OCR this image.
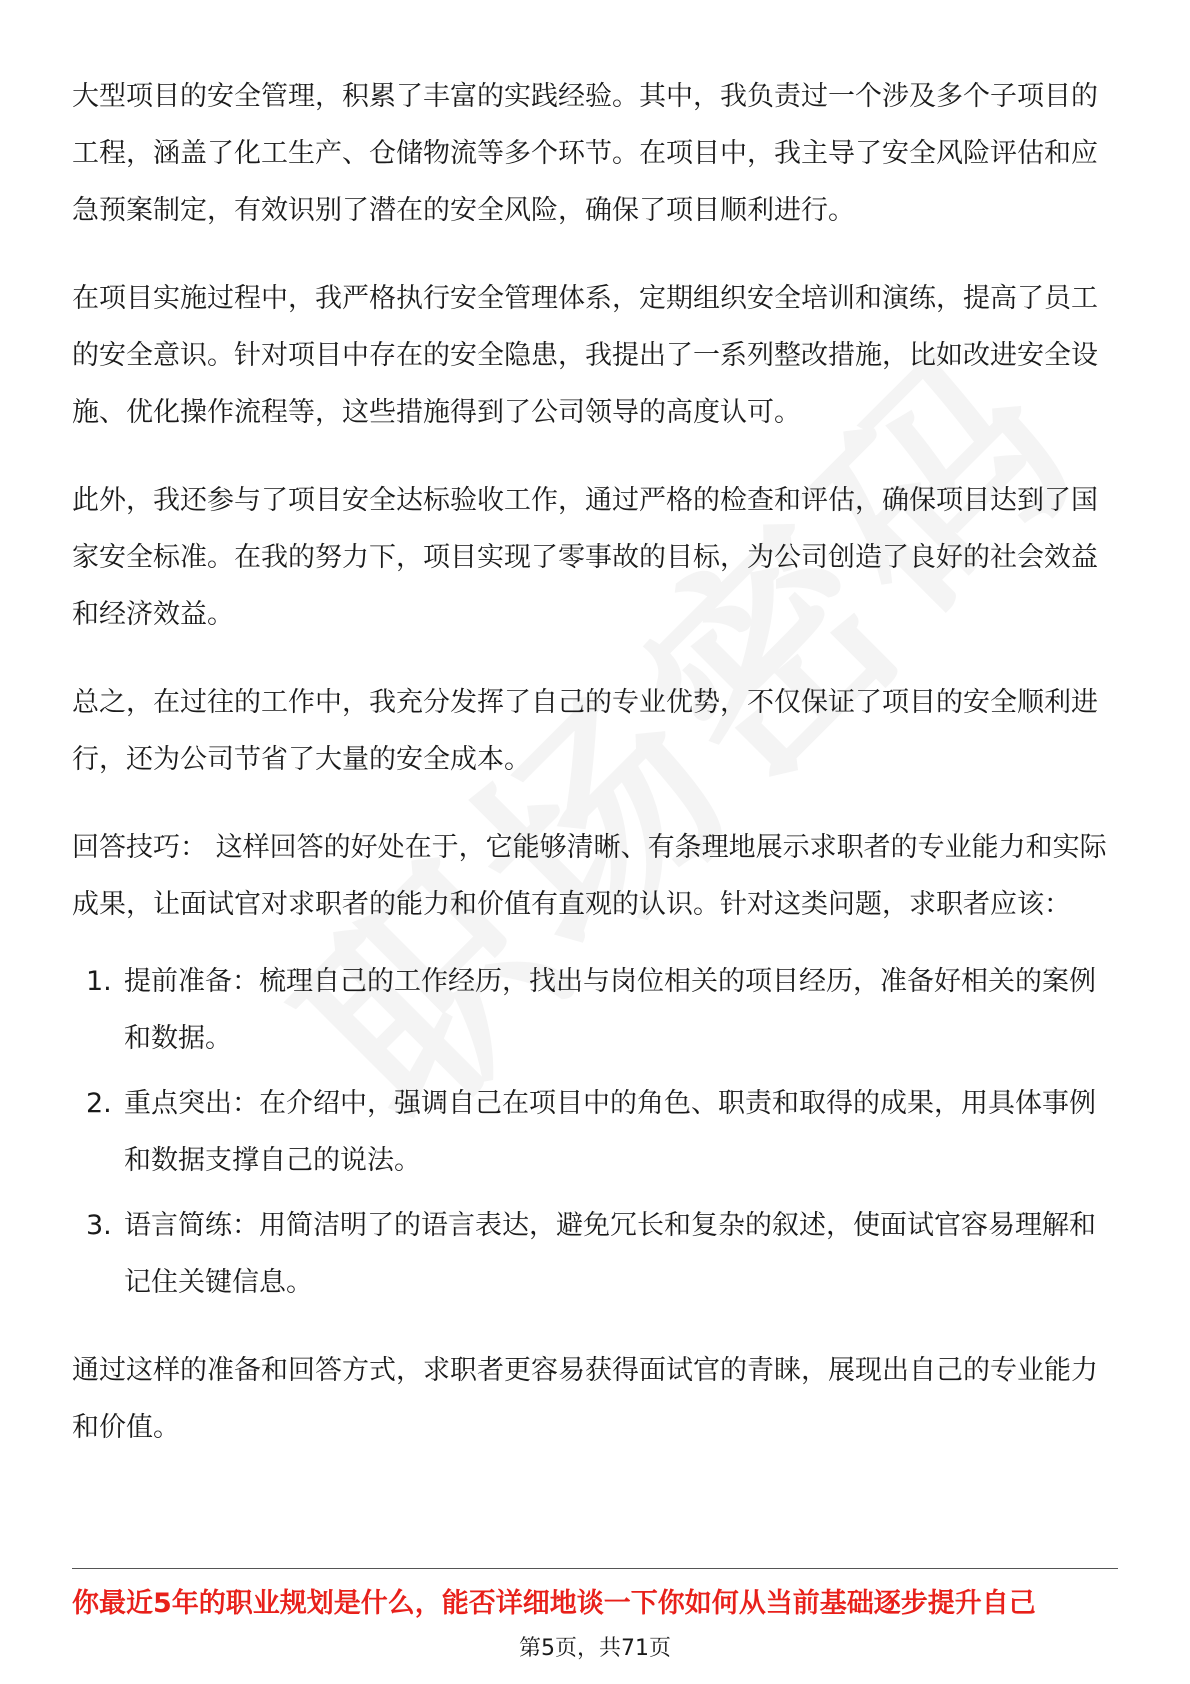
大型项目的安全管理，积累了丰富的实践经验。其中，我负责过一个涉及多个子项目的工程，涵盖了化工生产、仓储物流等多个环节。在项目中，我主导了安全风险评估和应急预案制定，有效识别了潜在的安全风险，确保了项目顺利进行。

在项目实施过程中，我严格执行安全管理体系，定期组织安全培训和演练，提高了员工的安全意识。针对项目中存在的安全隐患，我提出了一系列整改措施，比如改进安全设施、优化操作流程等，这些措施得到了公司领导的高度认可。

此外，我还参与了项目安全达标验收工作，通过严格的检查和评估，确保项目达到了国家安全标准。在我的努力下，项目实现了零事故的目标，为公司创造了良好的社会效益和经济效益。

总之，在过往的工作中，我充分发挥了自己的专业优势，不仅保证了项目的安全顺利进行，还为公司节省了大量的安全成本。

回答技巧： 这样回答的好处在于，它能够清晰、有条理地展示求职者的专业能力和实际成果，让面试官对求职者的能力和价值有直观的认识。针对这类问题，求职者应该：

1. 提前准备：梳理自己的工作经历，找出与岗位相关的项目经历，准备好相关的案例和数据。
2. 重点突出：在介绍中，强调自己在项目中的角色、职责和取得的成果，用具体事例和数据支撑自己的说法。
3. 语言简练：用简洁明了的语言表达，避免冗长和复杂的叙述，使面试官容易理解和记住关键信息。

通过这样的准备和回答方式，求职者更容易获得面试官的青睐，展现出自己的专业能力和价值。

你最近5年的职业规划是什么，能否详细地谈一下你如何从当前基础逐步提升自己
第5页，共71页
